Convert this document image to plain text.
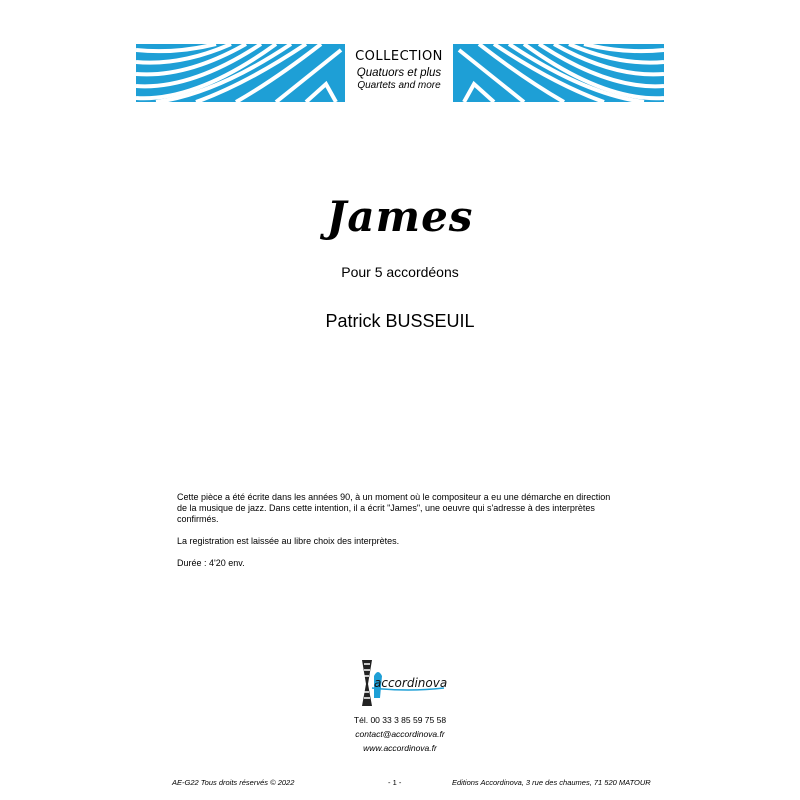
COLLECTION
Quatuors et plus
Quartets and more
James
Pour 5 accordéons
Patrick BUSSEUIL

Cette pièce a été écrite dans les années 90, à un moment où le compositeur a eu une démarche en direction de la musique de jazz. Dans cette intention, il a écrit "James", une oeuvre qui s'adresse à des interprètes confirmés.

La registration est laissée au libre choix des interprètes.

Durée : 4'20 env.

accordinova
Tél. 00 33 3 85 59 75 58
contact@accordinova.fr
www.accordinova.fr
AE-G22 Tous droits réservés © 2022	- 1 -	Editions Accordinova, 3 rue des chaumes, 71 520 MATOUR
